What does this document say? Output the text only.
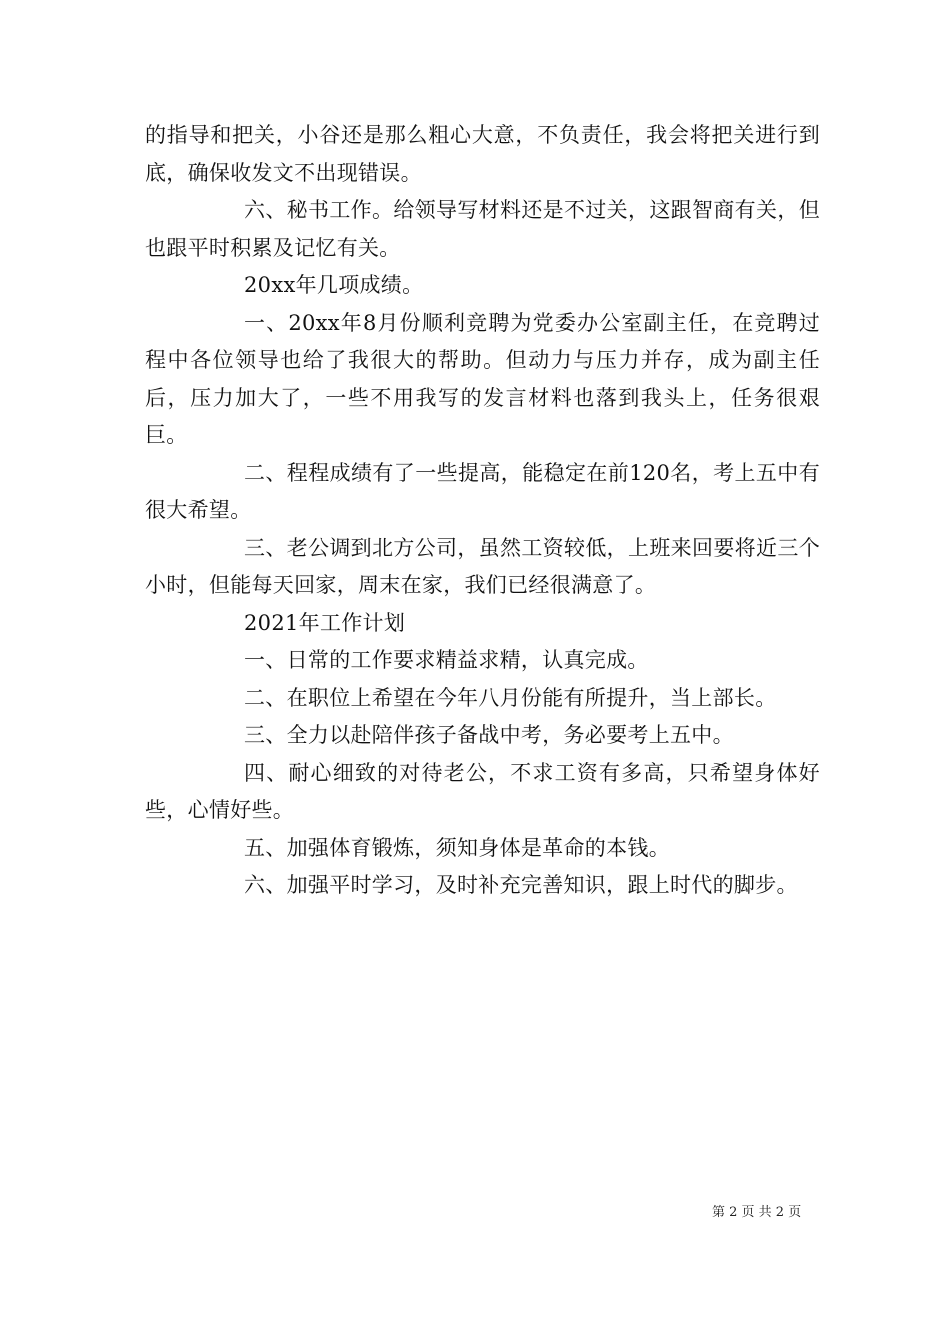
的指导和把关，小谷还是那么粗心大意，不负责任，我会将把关进行到底，确保收发文不出现错误。

六、秘书工作。给领导写材料还是不过关，这跟智商有关，但也跟平时积累及记忆有关。

20xx年几项成绩。

一、20xx年8月份顺利竞聘为党委办公室副主任，在竞聘过程中各位领导也给了我很大的帮助。但动力与压力并存，成为副主任后，压力加大了，一些不用我写的发言材料也落到我头上，任务很艰巨。

二、程程成绩有了一些提高，能稳定在前120名，考上五中有很大希望。

三、老公调到北方公司，虽然工资较低，上班来回要将近三个小时，但能每天回家，周末在家，我们已经很满意了。

2021年工作计划

一、日常的工作要求精益求精，认真完成。

二、在职位上希望在今年八月份能有所提升，当上部长。

三、全力以赴陪伴孩子备战中考，务必要考上五中。

四、耐心细致的对待老公，不求工资有多高，只希望身体好些，心情好些。

五、加强体育锻炼，须知身体是革命的本钱。

六、加强平时学习，及时补充完善知识，跟上时代的脚步。

第 2 页 共 2 页
